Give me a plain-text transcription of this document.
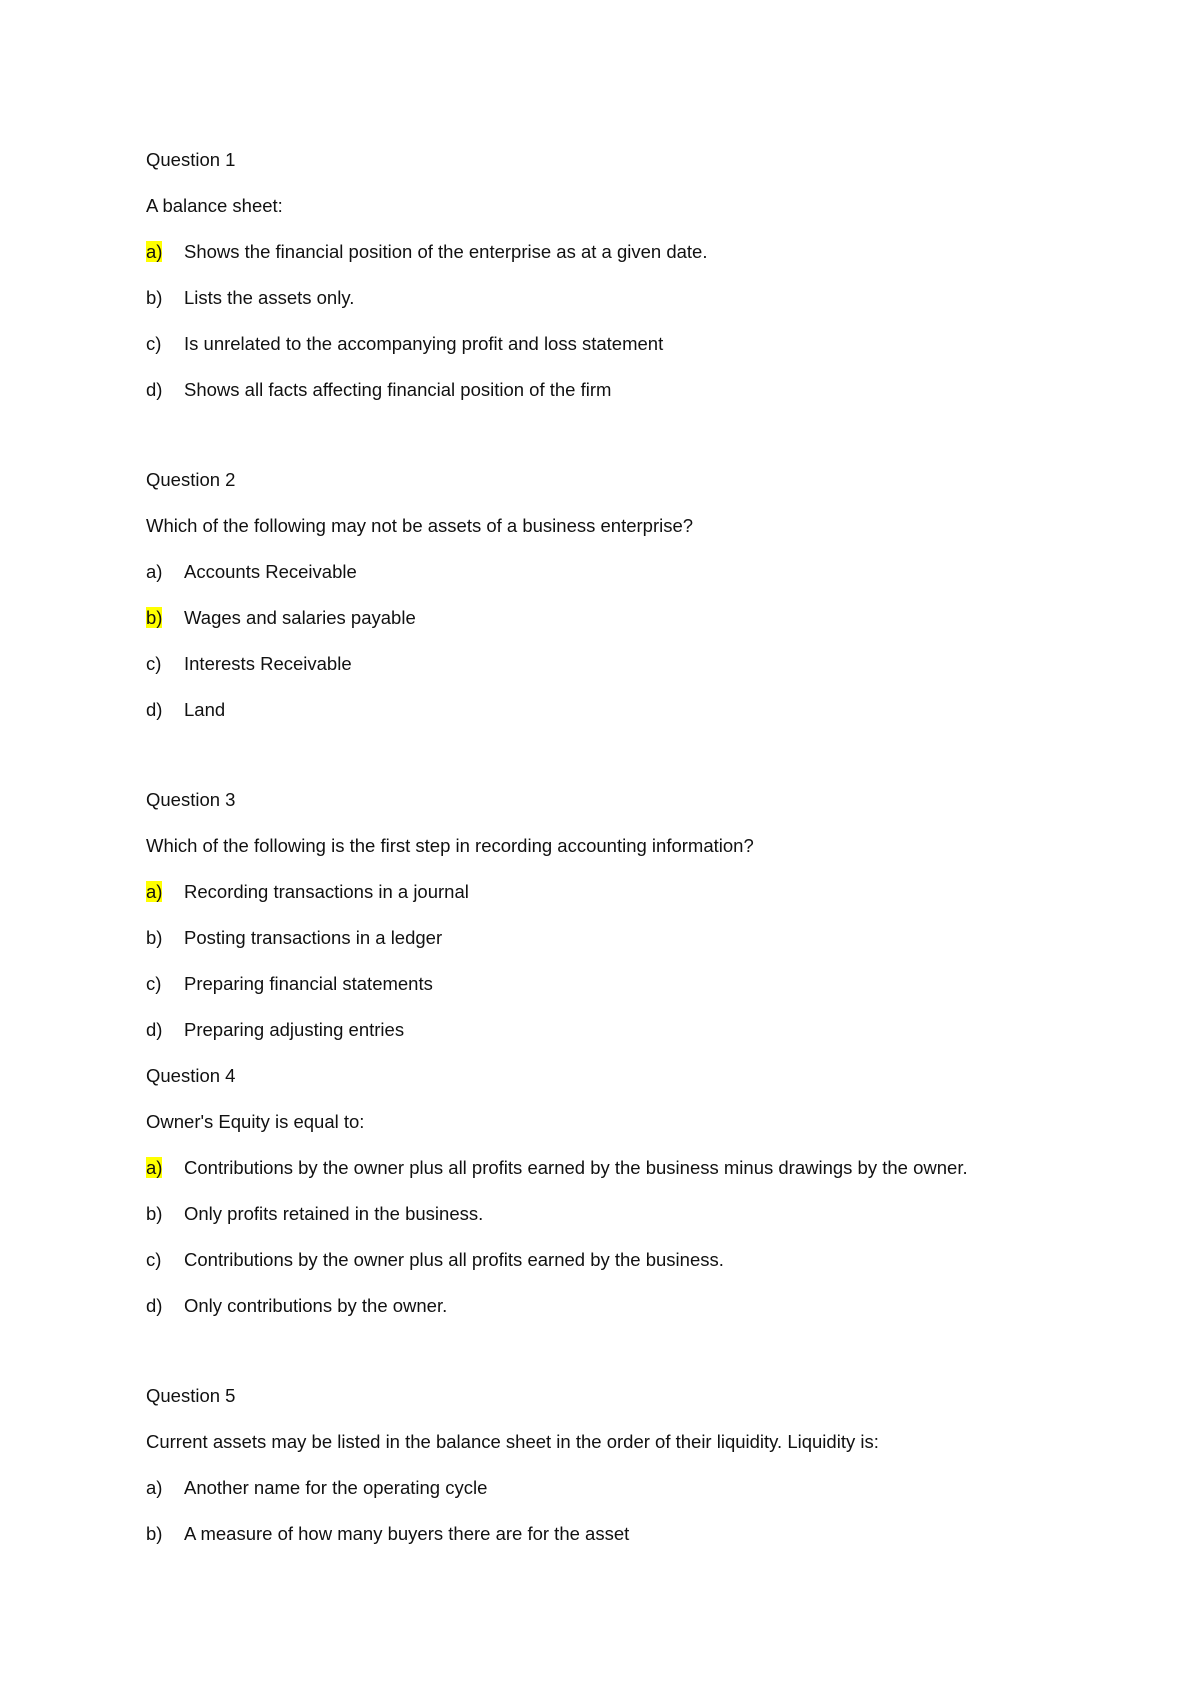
Question 1
A balance sheet:
a) Shows the financial position of the enterprise as at a given date.
b) Lists the assets only.
c) Is unrelated to the accompanying profit and loss statement
d) Shows all facts affecting financial position of the firm
Question 2
Which of the following may not be assets of a business enterprise?
a) Accounts Receivable
b) Wages and salaries payable
c) Interests Receivable
d) Land
Question 3
Which of the following is the first step in recording accounting information?
a) Recording transactions in a journal
b) Posting transactions in a ledger
c) Preparing financial statements
d) Preparing adjusting entries
Question 4
Owner's Equity is equal to:
a) Contributions by the owner plus all profits earned by the business minus drawings by the owner.
b) Only profits retained in the business.
c) Contributions by the owner plus all profits earned by the business.
d) Only contributions by the owner.
Question 5
Current assets may be listed in the balance sheet in the order of their liquidity. Liquidity is:
a) Another name for the operating cycle
b) A measure of how many buyers there are for the asset
